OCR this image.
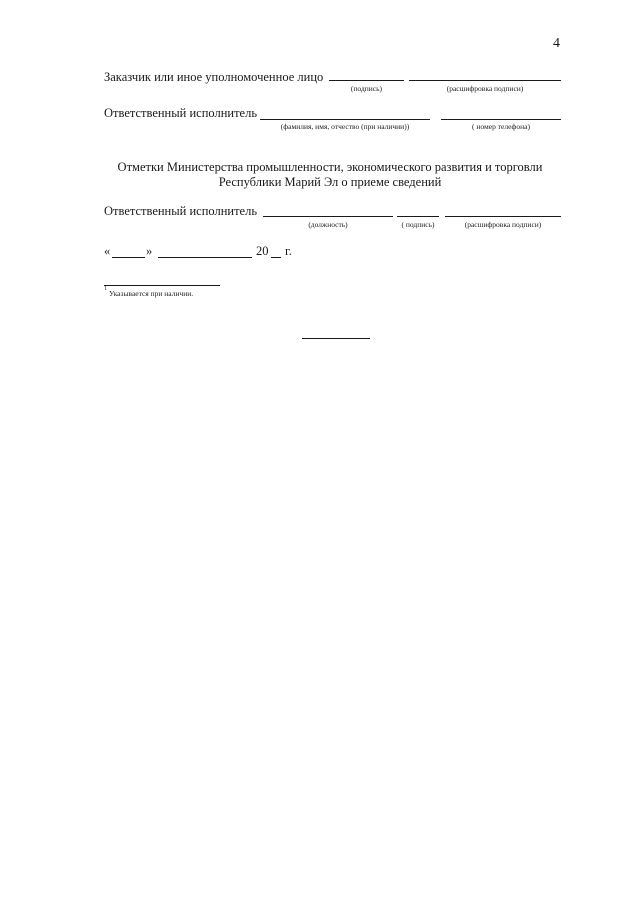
4
Заказчик или иное уполномоченное лицо
(подпись)	(расшифровка подписи)
Ответственный исполнитель
(фамилия, имя, отчество (при наличии))	( номер телефона)
Отметки Министерства промышленности, экономического развития и торговли
Республики Марий Эл о приеме сведений
Ответственный исполнитель
(должность)	( подпись)	(расшифровка подписи)
«	»	20 г.
1 Указывается при наличии.
